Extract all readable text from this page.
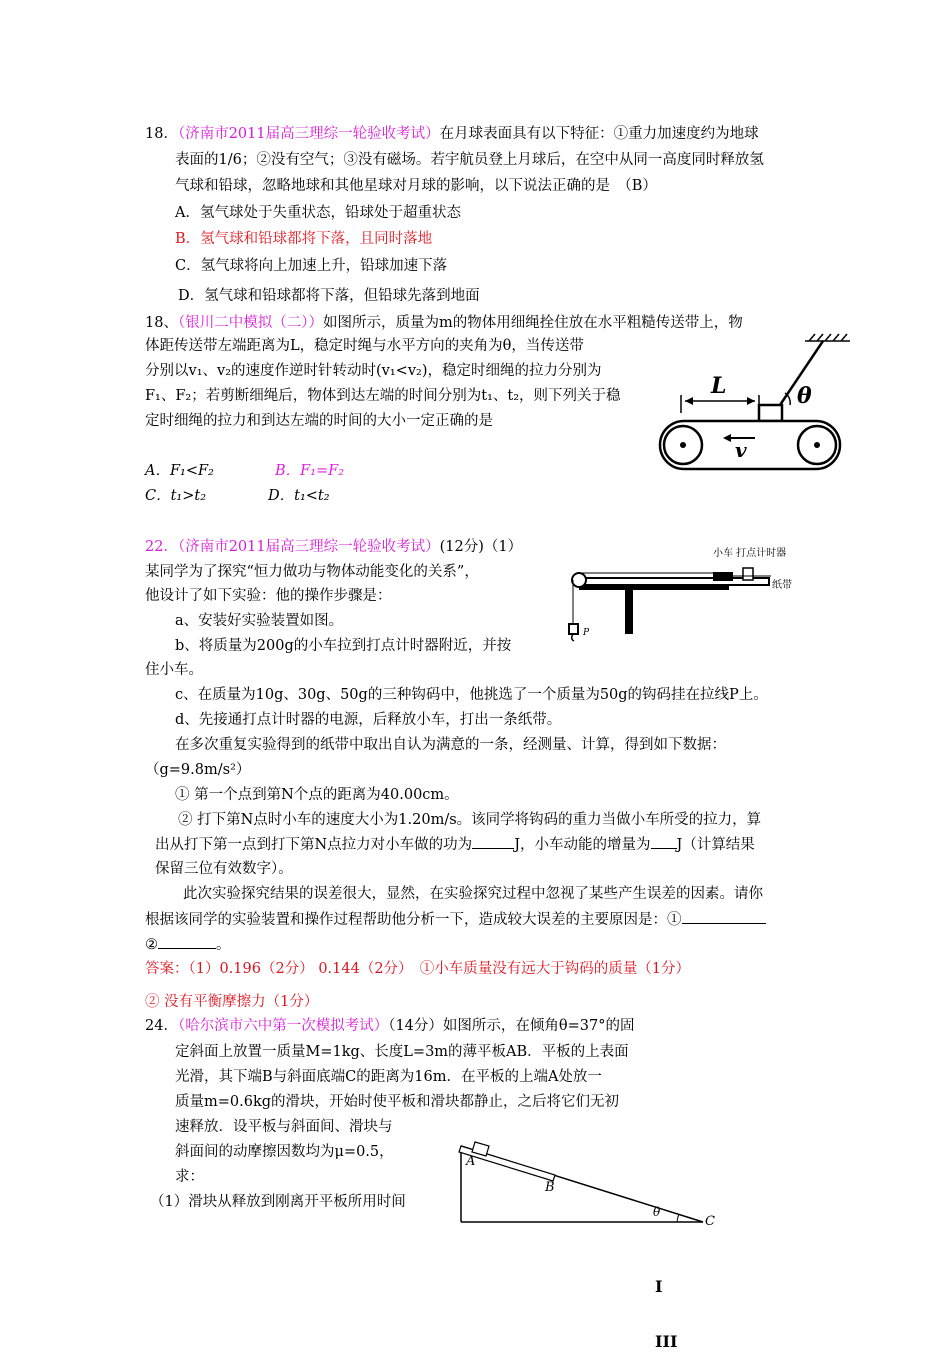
18．（济南市2011届高三理综一轮验收考试）在月球表面具有以下特征：①重力加速度约为地球
表面的1/6；②没有空气；③没有磁场。若宇航员登上月球后，在空中从同一高度同时释放氢
气球和铅球，忽略地球和其他星球对月球的影响，以下说法正确的是　（B）
A．氢气球处于失重状态，铅球处于超重状态
B．氢气球和铅球都将下落，且同时落地
C．氢气球将向上加速上升，铅球加速下落
D．氢气球和铅球都将下落，但铅球先落到地面
18、（银川二中模拟（二））如图所示，质量为m的物体用细绳拴住放在水平粗糙传送带上，物
体距传送带左端距离为L，稳定时绳与水平方向的夹角为θ，当传送带
分别以v₁、v₂的速度作逆时针转动时(v₁<v₂)，稳定时细绳的拉力分别为
F₁、F₂；若剪断细绳后，物体到达左端的时间分别为t₁、t₂，则下列关于稳
定时细绳的拉力和到达左端的时间的大小一定正确的是
A．F₁<F₂	B．F₁=F₂
C．t₁>t₂	D．t₁<t₂
θ
L
v
22．（济南市2011届高三理综一轮验收考试）(12分)（1）
某同学为了探究“恒力做功与物体动能变化的关系”，
他设计了如下实验：他的操作步骤是：
a、安装好实验装置如图。
b、将质量为200g的小车拉到打点计时器附近，并按
住小车。
c、在质量为10g、30g、50g的三种钩码中，他挑选了一个质量为50g的钩码挂在拉线P上。
d、先接通打点计时器的电源，后释放小车，打出一条纸带。
在多次重复实验得到的纸带中取出自认为满意的一条，经测量、计算，得到如下数据：
（g=9.8m/s²）
① 第一个点到第N个点的距离为40.00cm。
② 打下第N点时小车的速度大小为1.20m/s。该同学将钩码的重力当做小车所受的拉力，算
出从打下第一点到打下第N点拉力对小车做的功为	J，小车动能的增量为 J（计算结果
保留三位有效数字）。
此次实验探究结果的误差很大，显然，在实验探究过程中忽视了某些产生误差的因素。请你
根据该同学的实验装置和操作过程帮助他分析一下，造成较大误差的主要原因是：①
②	。
答案：（1）0.196（2分） 0.144（2分）　①小车质量没有远大于钩码的质量（1分）
② 没有平衡摩擦力（1分）
小车 打点计时器
纸带
P
24．（哈尔滨市六中第一次模拟考试）（14分）如图所示，在倾角θ=37°的固
定斜面上放置一质量M=1kg、长度L=3m的薄平板AB．平板的上表面
光滑，其下端B与斜面底端C的距离为16m．在平板的上端A处放一
质量m=0.6kg的滑块，开始时使平板和滑块都静止，之后将它们无初
速释放．设平板与斜面间、滑块与
斜面间的动摩擦因数均为μ=0.5，
求：
（1）滑块从释放到刚离开平板所用时间
A
B
C
θ
I
III
